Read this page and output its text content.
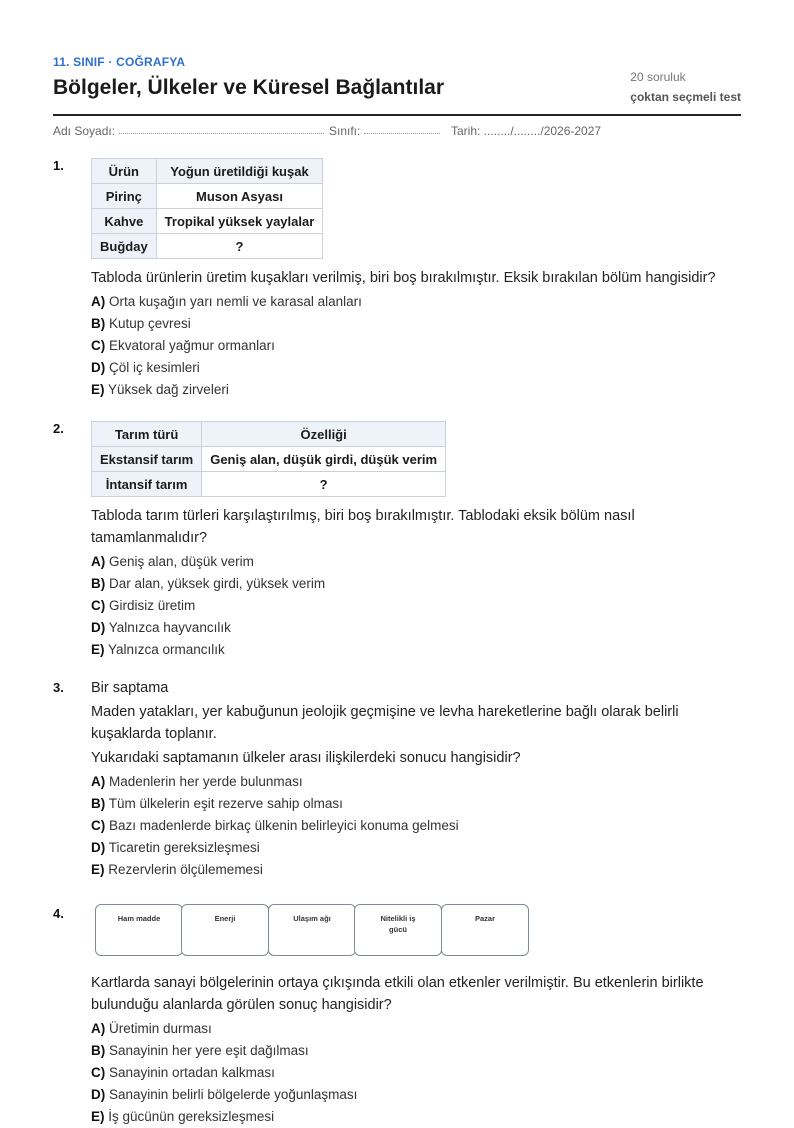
11. SINIF · COĞRAFYA
Bölgeler, Ülkeler ve Küresel Bağlantılar	20 soruluk
çoktan seçmeli test
Adı Soyadı:	Sınıfı:	Tarih: ......../......../2026-2027
1.	Ürün	Yoğun üretildiği kuşak
Pirinç	Muson Asyası
Kahve	Tropikal yüksek yaylalar
Buğday	?
Tabloda ürünlerin üretim kuşakları verilmiş, biri boş bırakılmıştır. Eksik bırakılan bölüm hangisidir?
A) Orta kuşağın yarı nemli ve karasal alanları
B) Kutup çevresi
C) Ekvatoral yağmur ormanları
D) Çöl iç kesimleri
E) Yüksek dağ zirveleri
2.	Tarım türü	Özelliği
Ekstansif tarım	Geniş alan, düşük girdi, düşük verim
İntansif tarım	?
Tabloda tarım türleri karşılaştırılmış, biri boş bırakılmıştır. Tablodaki eksik bölüm nasıl tamamlanmalıdır?
A) Geniş alan, düşük verim
B) Dar alan, yüksek girdi, yüksek verim
C) Girdisiz üretim
D) Yalnızca hayvancılık
E) Yalnızca ormancılık
3. Bir saptama
Maden yatakları, yer kabuğunun jeolojik geçmişine ve levha hareketlerine bağlı olarak belirli kuşaklarda toplanır.
Yukarıdaki saptamanın ülkeler arası ilişkilerdeki sonucu hangisidir?
A) Madenlerin her yerde bulunması
B) Tüm ülkelerin eşit rezerve sahip olması
C) Bazı madenlerde birkaç ülkenin belirleyici konuma gelmesi
D) Ticaretin gereksizleşmesi
E) Rezervlerin ölçülememesi
4.	Ham madde	Enerji	Ulaşım ağı	Nitelikli iş gücü
Pazar
Kartlarda sanayi bölgelerinin ortaya çıkışında etkili olan etkenler verilmiştir. Bu etkenlerin birlikte bulunduğu alanlarda görülen sonuç hangisidir?
A) Üretimin durması
B) Sanayinin her yere eşit dağılması
C) Sanayinin ortadan kalkması
D) Sanayinin belirli bölgelerde yoğunlaşması
E) İş gücünün gereksizleşmesi
